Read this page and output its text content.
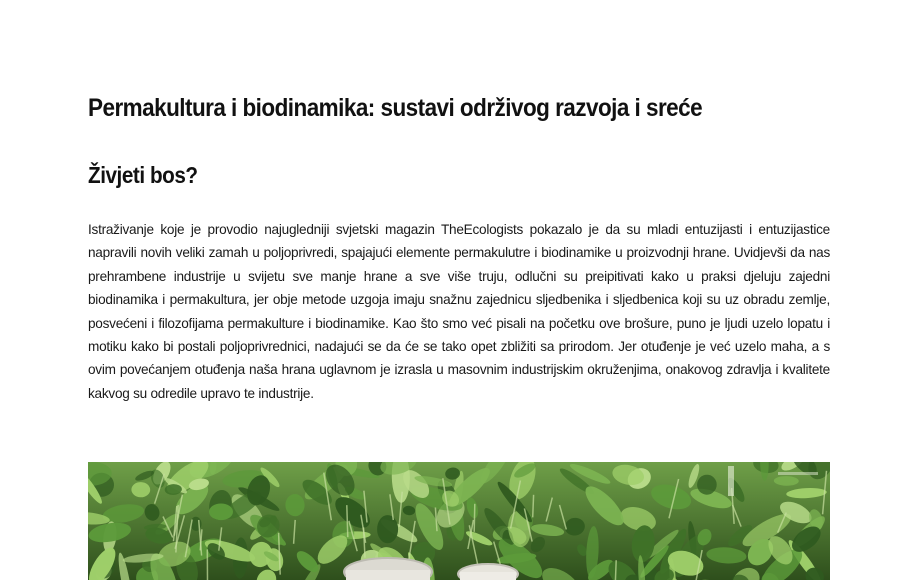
Permakultura i biodinamika: sustavi održivog razvoja i sreće
Živjeti bos?

Istraživanje koje je provodio najugledniji svjetski magazin TheEcologists pokazalo je da su mladi entuzijasti i entuzijastice napravili novih veliki zamah u poljoprivredi, spajajući elemente permakulutre i biodinamike u proizvodnji hrane. Uvidjevši da nas prehrambene industrije u svijetu sve manje hrane a sve više truju, odlučni su preipitivati kako u praksi djeluju zajedni biodinamika i permakultura, jer obje metode uzgoja imaju snažnu zajednicu sljedbenika i sljedbenica koji su uz obradu zemlje, posvećeni i filozofijama permakulture i biodinamike. Kao što smo već pisali na početku ove brošure, puno je ljudi uzelo lopatu i motiku kako bi postali poljoprivrednici, nadajući se da će se tako opet zbližiti sa prirodom. Jer otuđenje je već uzelo maha, a s ovim povećanjem otuđenja naša hrana uglavnom je izrasla u masovnim industrijskim okruženjima, onakovog zdravlja i kvalitete kakvog su odredile upravo te industrije.
